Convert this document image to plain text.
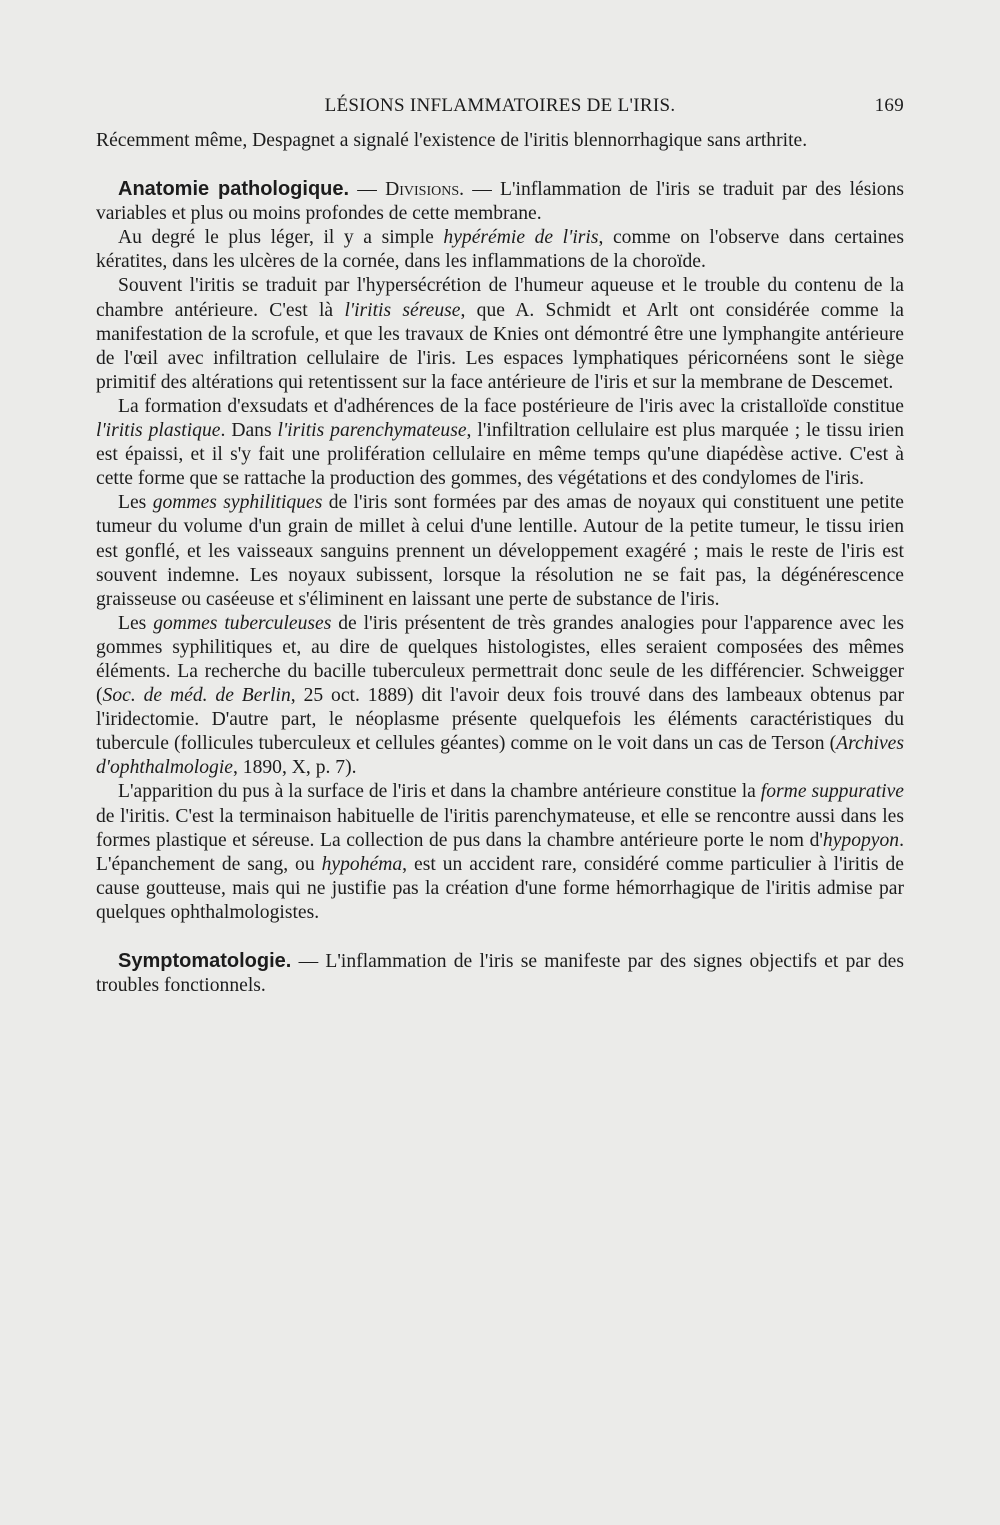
LÉSIONS INFLAMMATOIRES DE L'IRIS.	169

Récemment même, Despagnet a signalé l'existence de l'iritis blennorrhagique sans arthrite.

Anatomie pathologique. — Divisions. — L'inflammation de l'iris se traduit par des lésions variables et plus ou moins profondes de cette membrane.

Au degré le plus léger, il y a simple hypérémie de l'iris, comme on l'observe dans certaines kératites, dans les ulcères de la cornée, dans les inflammations de la choroïde.

Souvent l'iritis se traduit par l'hypersécrétion de l'humeur aqueuse et le trouble du contenu de la chambre antérieure. C'est là l'iritis séreuse, que A. Schmidt et Arlt ont considérée comme la manifestation de la scrofule, et que les travaux de Knies ont démontré être une lymphangite antérieure de l'œil avec infiltration cellulaire de l'iris. Les espaces lymphatiques péricornéens sont le siège primitif des altérations qui retentissent sur la face antérieure de l'iris et sur la membrane de Descemet.

La formation d'exsudats et d'adhérences de la face postérieure de l'iris avec la cristalloïde constitue l'iritis plastique. Dans l'iritis parenchymateuse, l'infiltration cellulaire est plus marquée ; le tissu irien est épaissi, et il s'y fait une prolifération cellulaire en même temps qu'une diapédèse active. C'est à cette forme que se rattache la production des gommes, des végétations et des condylomes de l'iris.

Les gommes syphilitiques de l'iris sont formées par des amas de noyaux qui constituent une petite tumeur du volume d'un grain de millet à celui d'une lentille. Autour de la petite tumeur, le tissu irien est gonflé, et les vaisseaux sanguins prennent un développement exagéré ; mais le reste de l'iris est souvent indemne. Les noyaux subissent, lorsque la résolution ne se fait pas, la dégénérescence graisseuse ou caséeuse et s'éliminent en laissant une perte de substance de l'iris.

Les gommes tuberculeuses de l'iris présentent de très grandes analogies pour l'apparence avec les gommes syphilitiques et, au dire de quelques histologistes, elles seraient composées des mêmes éléments. La recherche du bacille tuberculeux permettrait donc seule de les différencier. Schweigger (Soc. de méd. de Berlin, 25 oct. 1889) dit l'avoir deux fois trouvé dans des lambeaux obtenus par l'iridectomie. D'autre part, le néoplasme présente quelquefois les éléments caractéristiques du tubercule (follicules tuberculeux et cellules géantes) comme on le voit dans un cas de Terson (Archives d'ophthalmologie, 1890, X, p. 7).

L'apparition du pus à la surface de l'iris et dans la chambre antérieure constitue la forme suppurative de l'iritis. C'est la terminaison habituelle de l'iritis parenchymateuse, et elle se rencontre aussi dans les formes plastique et séreuse. La collection de pus dans la chambre antérieure porte le nom d'hypopyon. L'épanchement de sang, ou hypohéma, est un accident rare, considéré comme particulier à l'iritis de cause goutteuse, mais qui ne justifie pas la création d'une forme hémorrhagique de l'iritis admise par quelques ophthalmologistes.

Symptomatologie. — L'inflammation de l'iris se manifeste par des signes objectifs et par des troubles fonctionnels.
